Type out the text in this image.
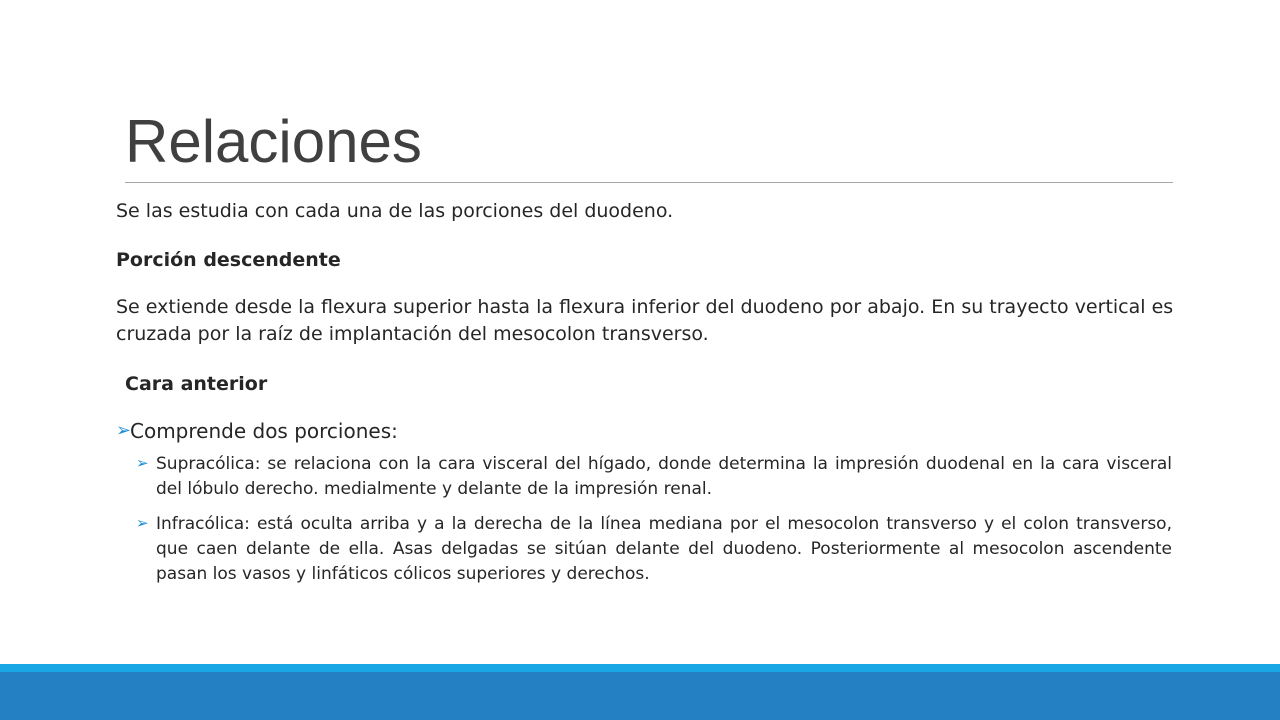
Relaciones

Se las estudia con cada una de las porciones del duodeno.

Porción descendente

Se extiende desde la flexura superior hasta la flexura inferior del duodeno por abajo. En su trayecto vertical es cruzada por la raíz de implantación del mesocolon transverso.

Cara anterior

➢

Comprende dos porciones:

➢ Supracólica: se relaciona con la cara visceral del hígado, donde determina la impresión duodenal en la cara visceral del lóbulo derecho. medialmente y delante de la impresión renal.

➢ Infracólica: está oculta arriba y a la derecha de la línea mediana por el mesocolon transverso y el colon transverso, que caen delante de ella. Asas delgadas se sitúan delante del duodeno. Posteriormente al mesocolon ascendente pasan los vasos y linfáticos cólicos superiores y derechos.
